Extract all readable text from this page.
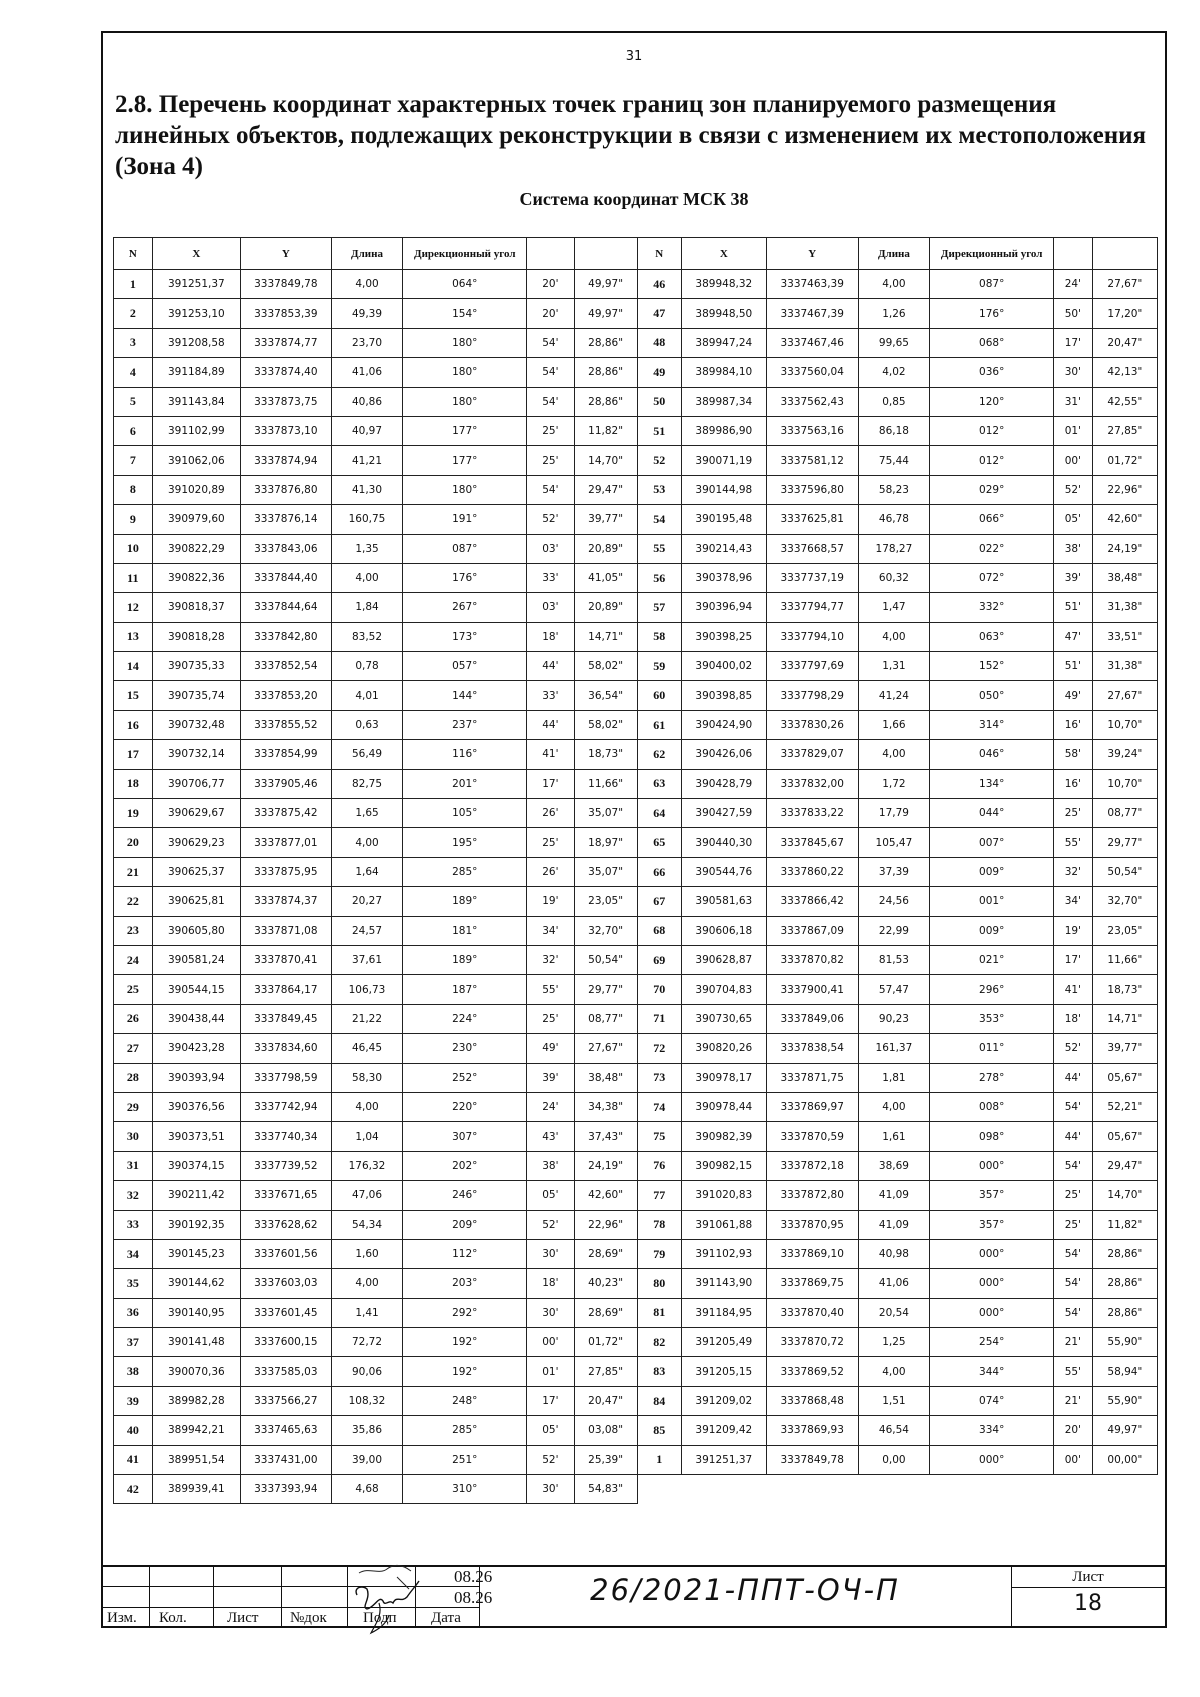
31
2.8. Перечень координат характерных точек границ зон планируемого размещения линейных объектов, подлежащих реконструкции в связи с изменением их местоположения (Зона 4)
Система координат МСК 38
N	X	Y	Длина	Дирекционный угол			N	X	Y	Длина	Дирекционный угол		
1	391251,37	3337849,78	4,00	064°	20'	49,97"	46	389948,32	3337463,39	4,00	087°	24'	27,67"
2	391253,10	3337853,39	49,39	154°	20'	49,97"	47	389948,50	3337467,39	1,26	176°	50'	17,20"
3	391208,58	3337874,77	23,70	180°	54'	28,86"	48	389947,24	3337467,46	99,65	068°	17'	20,47"
4	391184,89	3337874,40	41,06	180°	54'	28,86"	49	389984,10	3337560,04	4,02	036°	30'	42,13"
5	391143,84	3337873,75	40,86	180°	54'	28,86"	50	389987,34	3337562,43	0,85	120°	31'	42,55"
6	391102,99	3337873,10	40,97	177°	25'	11,82"	51	389986,90	3337563,16	86,18	012°	01'	27,85"
7	391062,06	3337874,94	41,21	177°	25'	14,70"	52	390071,19	3337581,12	75,44	012°	00'	01,72"
8	391020,89	3337876,80	41,30	180°	54'	29,47"	53	390144,98	3337596,80	58,23	029°	52'	22,96"
9	390979,60	3337876,14	160,75	191°	52'	39,77"	54	390195,48	3337625,81	46,78	066°	05'	42,60"
10	390822,29	3337843,06	1,35	087°	03'	20,89"	55	390214,43	3337668,57	178,27	022°	38'	24,19"
11	390822,36	3337844,40	4,00	176°	33'	41,05"	56	390378,96	3337737,19	60,32	072°	39'	38,48"
12	390818,37	3337844,64	1,84	267°	03'	20,89"	57	390396,94	3337794,77	1,47	332°	51'	31,38"
13	390818,28	3337842,80	83,52	173°	18'	14,71"	58	390398,25	3337794,10	4,00	063°	47'	33,51"
14	390735,33	3337852,54	0,78	057°	44'	58,02"	59	390400,02	3337797,69	1,31	152°	51'	31,38"
15	390735,74	3337853,20	4,01	144°	33'	36,54"	60	390398,85	3337798,29	41,24	050°	49'	27,67"
16	390732,48	3337855,52	0,63	237°	44'	58,02"	61	390424,90	3337830,26	1,66	314°	16'	10,70"
17	390732,14	3337854,99	56,49	116°	41'	18,73"	62	390426,06	3337829,07	4,00	046°	58'	39,24"
18	390706,77	3337905,46	82,75	201°	17'	11,66"	63	390428,79	3337832,00	1,72	134°	16'	10,70"
19	390629,67	3337875,42	1,65	105°	26'	35,07"	64	390427,59	3337833,22	17,79	044°	25'	08,77"
20	390629,23	3337877,01	4,00	195°	25'	18,97"	65	390440,30	3337845,67	105,47	007°	55'	29,77"
21	390625,37	3337875,95	1,64	285°	26'	35,07"	66	390544,76	3337860,22	37,39	009°	32'	50,54"
22	390625,81	3337874,37	20,27	189°	19'	23,05"	67	390581,63	3337866,42	24,56	001°	34'	32,70"
23	390605,80	3337871,08	24,57	181°	34'	32,70"	68	390606,18	3337867,09	22,99	009°	19'	23,05"
24	390581,24	3337870,41	37,61	189°	32'	50,54"	69	390628,87	3337870,82	81,53	021°	17'	11,66"
25	390544,15	3337864,17	106,73	187°	55'	29,77"	70	390704,83	3337900,41	57,47	296°	41'	18,73"
26	390438,44	3337849,45	21,22	224°	25'	08,77"	71	390730,65	3337849,06	90,23	353°	18'	14,71"
27	390423,28	3337834,60	46,45	230°	49'	27,67"	72	390820,26	3337838,54	161,37	011°	52'	39,77"
28	390393,94	3337798,59	58,30	252°	39'	38,48"	73	390978,17	3337871,75	1,81	278°	44'	05,67"
29	390376,56	3337742,94	4,00	220°	24'	34,38"	74	390978,44	3337869,97	4,00	008°	54'	52,21"
30	390373,51	3337740,34	1,04	307°	43'	37,43"	75	390982,39	3337870,59	1,61	098°	44'	05,67"
31	390374,15	3337739,52	176,32	202°	38'	24,19"	76	390982,15	3337872,18	38,69	000°	54'	29,47"
32	390211,42	3337671,65	47,06	246°	05'	42,60"	77	391020,83	3337872,80	41,09	357°	25'	14,70"
33	390192,35	3337628,62	54,34	209°	52'	22,96"	78	391061,88	3337870,95	41,09	357°	25'	11,82"
34	390145,23	3337601,56	1,60	112°	30'	28,69"	79	391102,93	3337869,10	40,98	000°	54'	28,86"
35	390144,62	3337603,03	4,00	203°	18'	40,23"	80	391143,90	3337869,75	41,06	000°	54'	28,86"
36	390140,95	3337601,45	1,41	292°	30'	28,69"	81	391184,95	3337870,40	20,54	000°	54'	28,86"
37	390141,48	3337600,15	72,72	192°	00'	01,72"	82	391205,49	3337870,72	1,25	254°	21'	55,90"
38	390070,36	3337585,03	90,06	192°	01'	27,85"	83	391205,15	3337869,52	4,00	344°	55'	58,94"
39	389982,28	3337566,27	108,32	248°	17'	20,47"	84	391209,02	3337868,48	1,51	074°	21'	55,90"
40	389942,21	3337465,63	35,86	285°	05'	03,08"	85	391209,42	3337869,93	46,54	334°	20'	49,97"
41	389951,54	3337431,00	39,00	251°	52'	25,39"	1	391251,37	3337849,78	0,00	000°	00'	00,00"
42	389939,41	3337393,94	4,68	310°	30'	54,83"							
Изм. Кол.	Лист №док Подп Дата
08.26
08.26	26/2021-ППТ-ОЧ-П	Лист
18
